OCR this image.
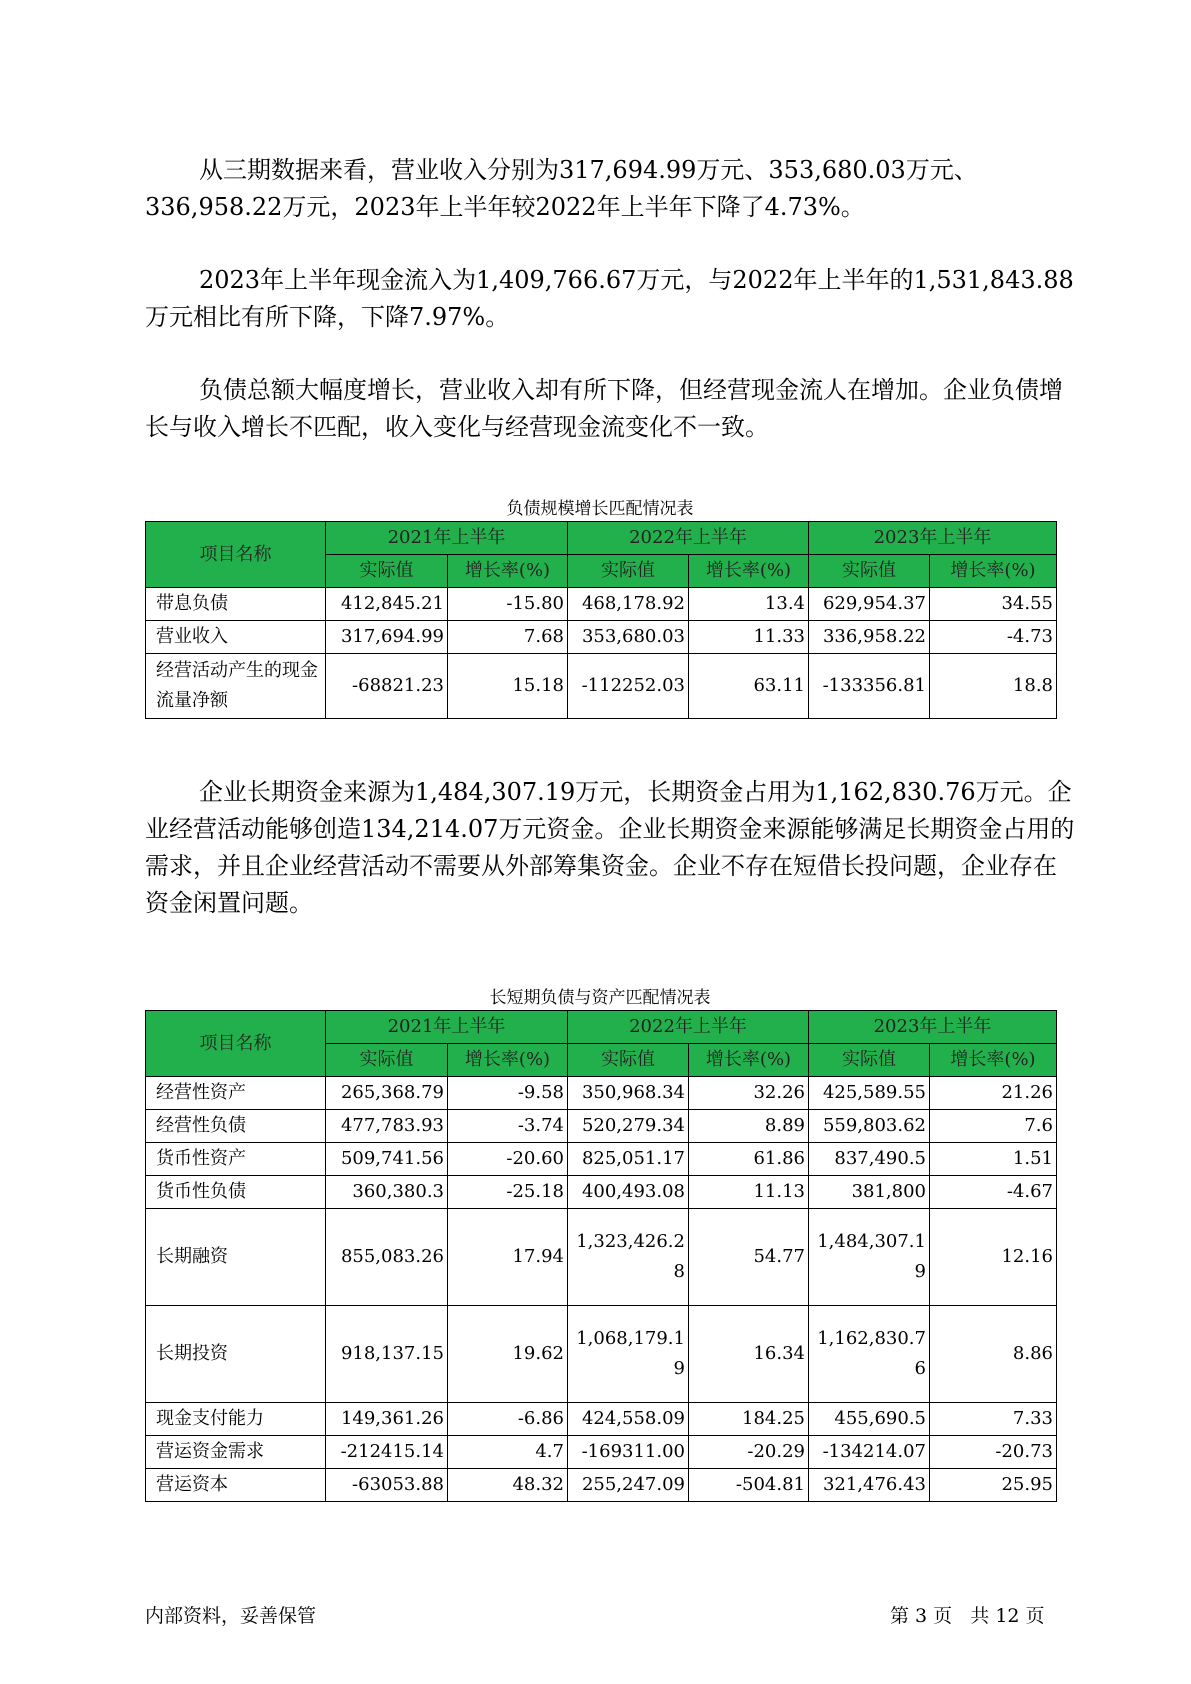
从三期数据来看，营业收入分别为317,694.99万元、353,680.03万元、336,958.22万元，2023年上半年较2022年上半年下降了4.73%。

2023年上半年现金流入为1,409,766.67万元，与2022年上半年的1,531,843.88万元相比有所下降，下降7.97%。

负债总额大幅度增长，营业收入却有所下降，但经营现金流人在增加。企业负债增长与收入增长不匹配，收入变化与经营现金流变化不一致。

负债规模增长匹配情况表
项目名称	2021年上半年		2022年上半年		2023年上半年	
	实际值	增长率(%)	实际值	增长率(%)	实际值	增长率(%)
带息负债	412,845.21	-15.80	468,178.92	13.4	629,954.37	34.55
营业收入	317,694.99	7.68	353,680.03	11.33	336,958.22	-4.73
经营活动产生的现金流量净额	-68821.23	15.18	-112252.03	63.11	-133356.81	18.8

企业长期资金来源为1,484,307.19万元，长期资金占用为1,162,830.76万元。企业经营活动能够创造134,214.07万元资金。企业长期资金来源能够满足长期资金占用的需求，并且企业经营活动不需要从外部筹集资金。企业不存在短借长投问题，企业存在资金闲置问题。

长短期负债与资产匹配情况表
项目名称	2021年上半年		2022年上半年		2023年上半年	
	实际值	增长率(%)	实际值	增长率(%)	实际值	增长率(%)
经营性资产	265,368.79	-9.58	350,968.34	32.26	425,589.55	21.26
经营性负债	477,783.93	-3.74	520,279.34	8.89	559,803.62	7.6
货币性资产	509,741.56	-20.60	825,051.17	61.86	837,490.5	1.51
货币性负债	360,380.3	-25.18	400,493.08	11.13	381,800	-4.67
长期融资	855,083.26	17.94	1,323,426.28	54.77	1,484,307.19	12.16
长期投资	918,137.15	19.62	1,068,179.19	16.34	1,162,830.76	8.86
现金支付能力	149,361.26	-6.86	424,558.09	184.25	455,690.5	7.33
营运资金需求	-212415.14	4.7	-169311.00	-20.29	-134214.07	-20.73
营运资本	-63053.88	48.32	255,247.09	-504.81	321,476.43	25.95
内部资料，妥善保管	第 3 页   共 12 页
